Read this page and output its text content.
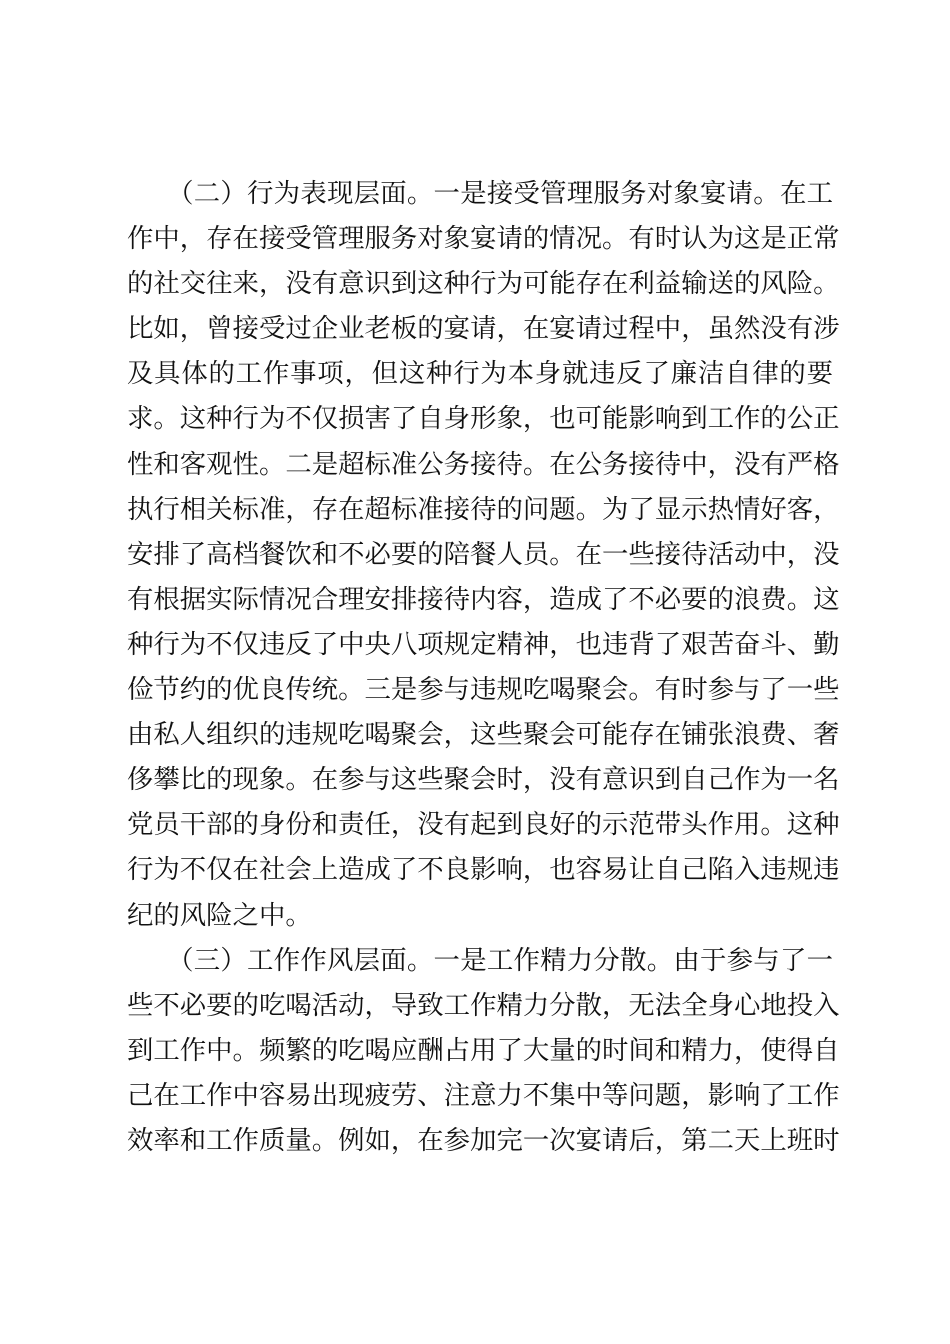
　　（二）行为表现层面。一是接受管理服务对象宴请。在工
作中，存在接受管理服务对象宴请的情况。有时认为这是正常
的社交往来，没有意识到这种行为可能存在利益输送的风险。
比如，曾接受过企业老板的宴请，在宴请过程中，虽然没有涉
及具体的工作事项，但这种行为本身就违反了廉洁自律的要
求。这种行为不仅损害了自身形象，也可能影响到工作的公正
性和客观性。二是超标准公务接待。在公务接待中，没有严格
执行相关标准，存在超标准接待的问题。为了显示热情好客，
安排了高档餐饮和不必要的陪餐人员。在一些接待活动中，没
有根据实际情况合理安排接待内容，造成了不必要的浪费。这
种行为不仅违反了中央八项规定精神，也违背了艰苦奋斗、勤
俭节约的优良传统。三是参与违规吃喝聚会。有时参与了一些
由私人组织的违规吃喝聚会，这些聚会可能存在铺张浪费、奢
侈攀比的现象。在参与这些聚会时，没有意识到自己作为一名
党员干部的身份和责任，没有起到良好的示范带头作用。这种
行为不仅在社会上造成了不良影响，也容易让自己陷入违规违
纪的风险之中。
　　（三）工作作风层面。一是工作精力分散。由于参与了一
些不必要的吃喝活动，导致工作精力分散，无法全身心地投入
到工作中。频繁的吃喝应酬占用了大量的时间和精力，使得自
己在工作中容易出现疲劳、注意力不集中等问题，影响了工作
效率和工作质量。例如，在参加完一次宴请后，第二天上班时
